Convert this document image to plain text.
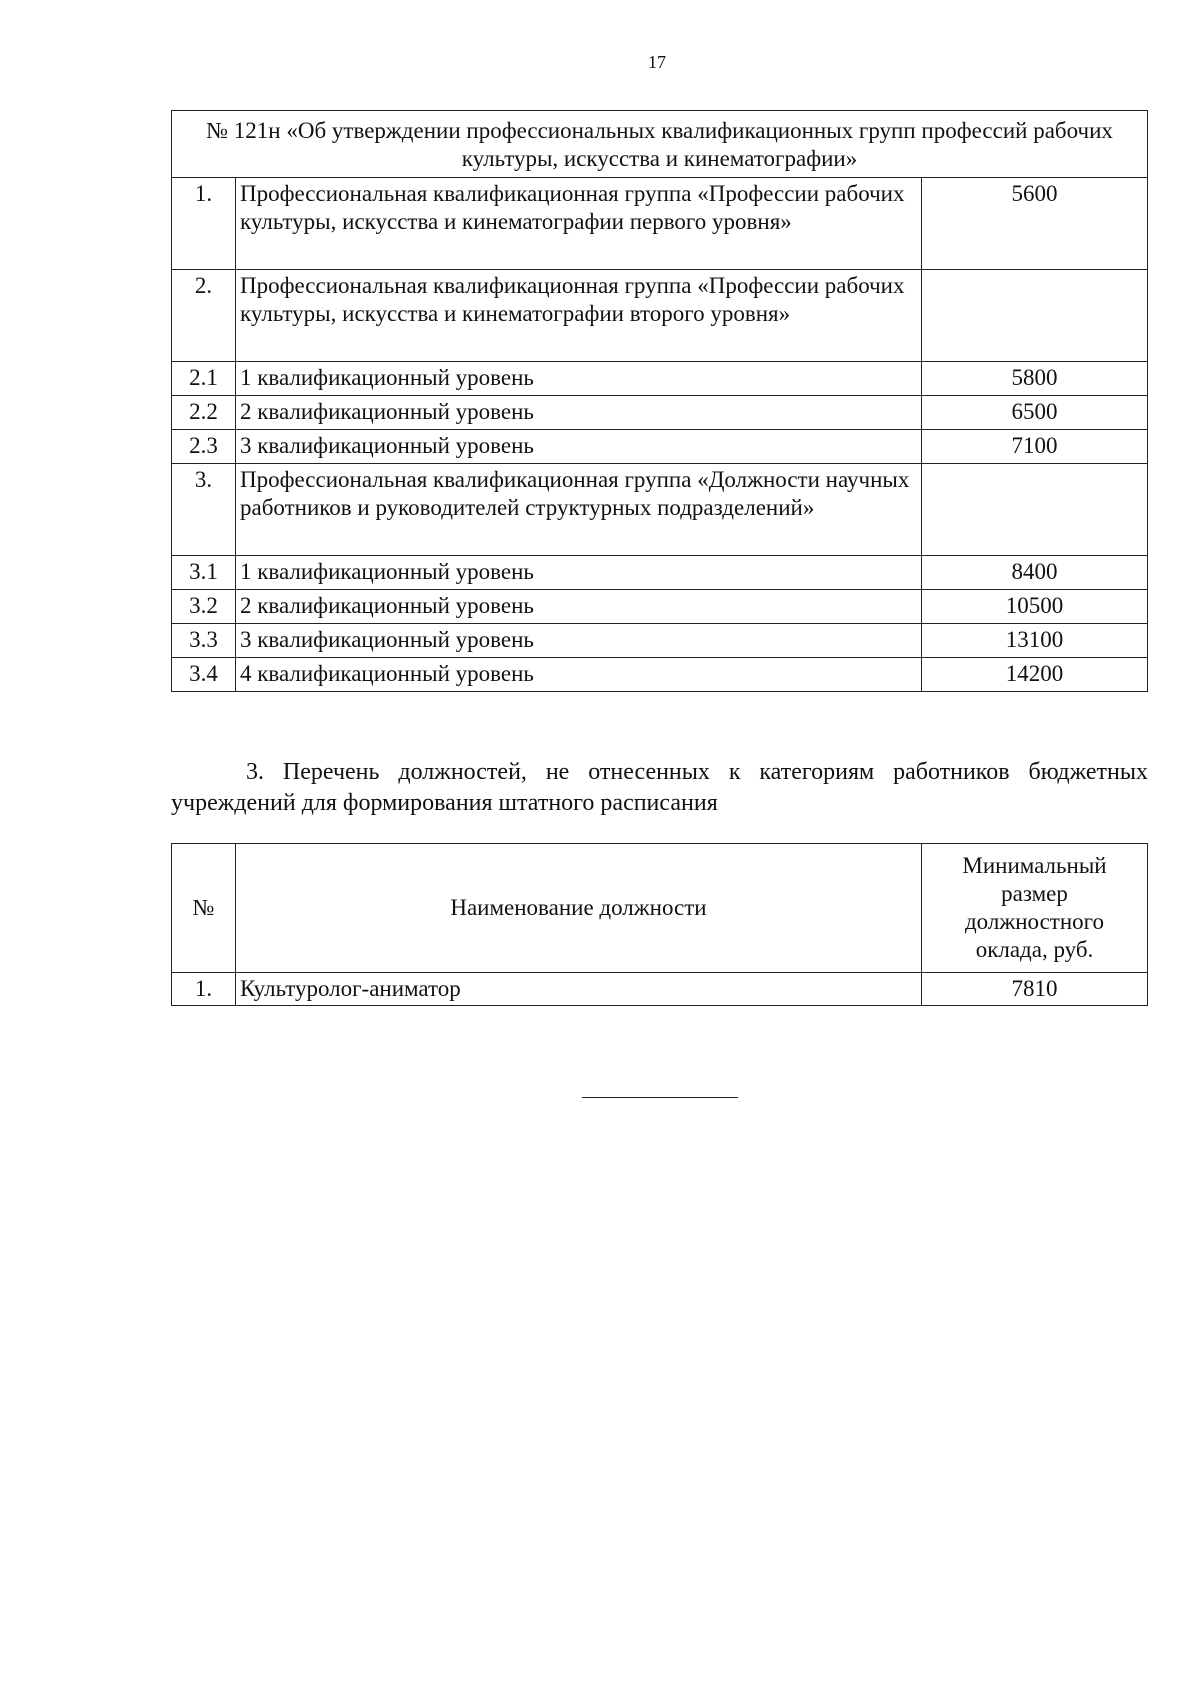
17
№ 121н «Об утверждении профессиональных квалификационных групп профессий рабочих культуры, искусства и кинематографии»		
1.	Профессиональная квалификационная группа «Профессии рабочих культуры, искусства и кинематографии первого уровня»	5600
2.	Профессиональная квалификационная группа «Профессии рабочих культуры, искусства и кинематографии второго уровня»	
2.1	1 квалификационный уровень	5800
2.2	2 квалификационный уровень	6500
2.3	3 квалификационный уровень	7100
3.	Профессиональная квалификационная группа «Должности научных работников и руководителей структурных подразделений»	
3.1	1 квалификационный уровень	8400
3.2	2 квалификационный уровень	10500
3.3	3 квалификационный уровень	13100
3.4	4 квалификационный уровень	14200

3. Перечень должностей, не отнесенных к категориям работников бюджетных учреждений для формирования штатного расписания

№	Наименование должности	Минимальный размер должностного оклада, руб.
1.	Культуролог-аниматор	7810
